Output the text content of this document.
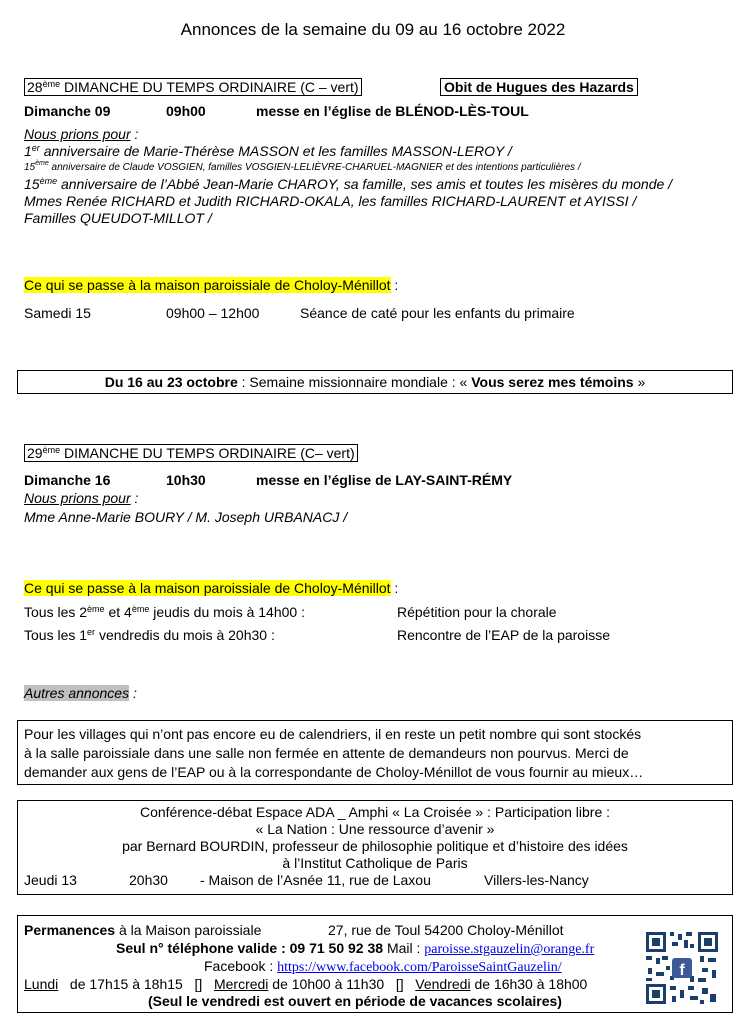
Annonces de la semaine du 09 au 16 octobre 2022
28ème DIMANCHE DU TEMPS ORDINAIRE (C – vert)	Obit de Hugues des Hazards
Dimanche 09	09h00	messe en l’église de BLÉNOD-LÈS-TOUL
Nous prions pour :
1er anniversaire de Marie-Thérèse MASSON et les familles MASSON-LEROY /
15ème anniversaire de Claude VOSGIEN, familles VOSGIEN-LELIÈVRE-CHARUEL-MAGNIER et des intentions particulières /
15ème anniversaire de l’Abbé Jean-Marie CHAROY, sa famille, ses amis et toutes les misères du monde /
Mmes Renée RICHARD et Judith RICHARD-OKALA, les familles RICHARD-LAURENT et AYISSI /
Familles QUEUDOT-MILLOT /
Ce qui se passe à la maison paroissiale de Choloy-Ménillot :
Samedi 15	09h00 – 12h00	Séance de caté pour les enfants du primaire
Du 16 au 23 octobre : Semaine missionnaire mondiale : « Vous serez mes témoins »
29ème DIMANCHE DU TEMPS ORDINAIRE (C– vert)
Dimanche 16	10h30	messe en l’église de LAY-SAINT-RÉMY
Nous prions pour :
Mme Anne-Marie BOURY / M. Joseph URBANACJ /
Ce qui se passe à la maison paroissiale de Choloy-Ménillot :
Tous les 2ème et 4ème jeudis du mois à 14h00 :	Répétition pour la chorale
Tous les 1er vendredis du mois à 20h30 :	Rencontre de l’EAP de la paroisse
Autres annonces :
Pour les villages qui n’ont pas encore eu de calendriers, il en reste un petit nombre qui sont stockés
à la salle paroissiale dans une salle non fermée en attente de demandeurs non pourvus. Merci de
demander aux gens de l’EAP ou à la correspondante de Choloy-Ménillot de vous fournir au mieux…
Conférence-débat Espace ADA _ Amphi « La Croisée » : Participation libre :
« La Nation : Une ressource d’avenir »
par Bernard BOURDIN, professeur de philosophie politique et d’histoire des idées
à l’Institut Catholique de Paris
Jeudi 13	20h30 - Maison de l’Asnée 11, rue de Laxou	Villers-les-Nancy
Permanences à la Maison paroissiale	27, rue de Toul 54200 Choloy-Ménillot
Seul n° téléphone valide : 09 71 50 92 38 Mail : paroisse.stgauzelin@orange.fr
Facebook : https://www.facebook.com/ParoisseSaintGauzelin/
Lundi   de 17h15 à 18h15   []   Mercredi de 10h00 à 11h30   []   Vendredi de 16h30 à 18h00
(Seul le vendredi est ouvert en période de vacances scolaires)
f
